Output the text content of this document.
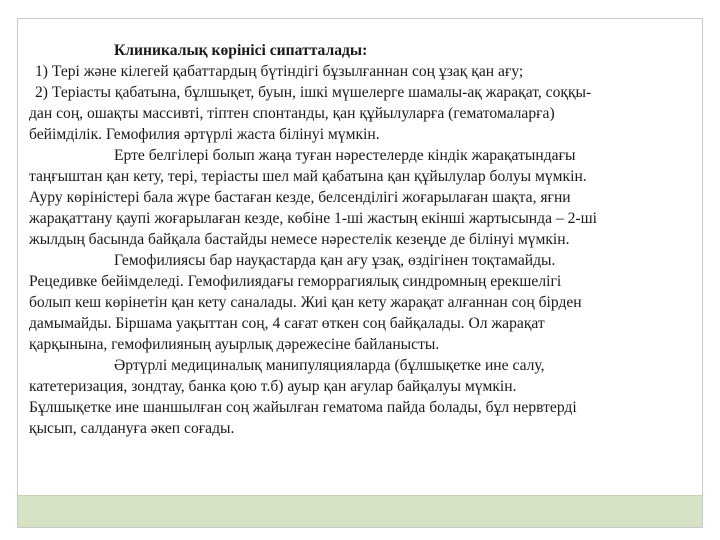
Клиникалық көрінісі сипатталады:
1) Тері және кілегей қабаттардың бүтіндігі бұзылғаннан соң ұзақ қан ағу;
2) Теріасты қабатына, бұлшықет, буын, ішкі мүшелерге шамалы-ақ жарақат, соққы-
дан соң, ошақты массивті, тіптен спонтанды, қан құйылуларға (гематомаларға)
бейімділік. Гемофилия әртүрлі жаста білінуі мүмкін.
Ерте белгілері болып жаңа туған нәрестелерде кіндік жарақатындағы
таңғыштан қан кету, тері, теріасты шел май қабатына қан құйылулар болуы мүмкін.
Ауру көріністері бала жүре бастаған кезде, белсенділігі жоғарылаған шақта, яғни
жарақаттану қаупі жоғарылаған кезде, көбіне 1-ші жастың екінші жартысында – 2-ші
жылдың басында байқала бастайды немесе нәрестелік кезеңде де білінуі мүмкін.
Гемофилиясы бар науқастарда қан ағу ұзақ, өздігінен тоқтамайды.
Рецедивке бейімделеді. Гемофилиядағы геморрагиялық синдромның ерекшелігі
болып кеш көрінетін қан кету саналады. Жиі қан кету жарақат алғаннан соң бірден
дамымайды. Біршама уақыттан соң, 4 сағат өткен соң байқалады. Ол жарақат
қарқынына, гемофилияның ауырлық дәрежесіне байланысты.
Әртүрлі медициналық манипуляцияларда (бұлшықетке ине салу,
катетеризация, зондтау, банка қою т.б) ауыр қан ағулар байқалуы мүмкін.
Бұлшықетке ине шаншылған соң жайылған гематома пайда болады, бұл нервтерді
қысып, салдануға әкеп соғады.
